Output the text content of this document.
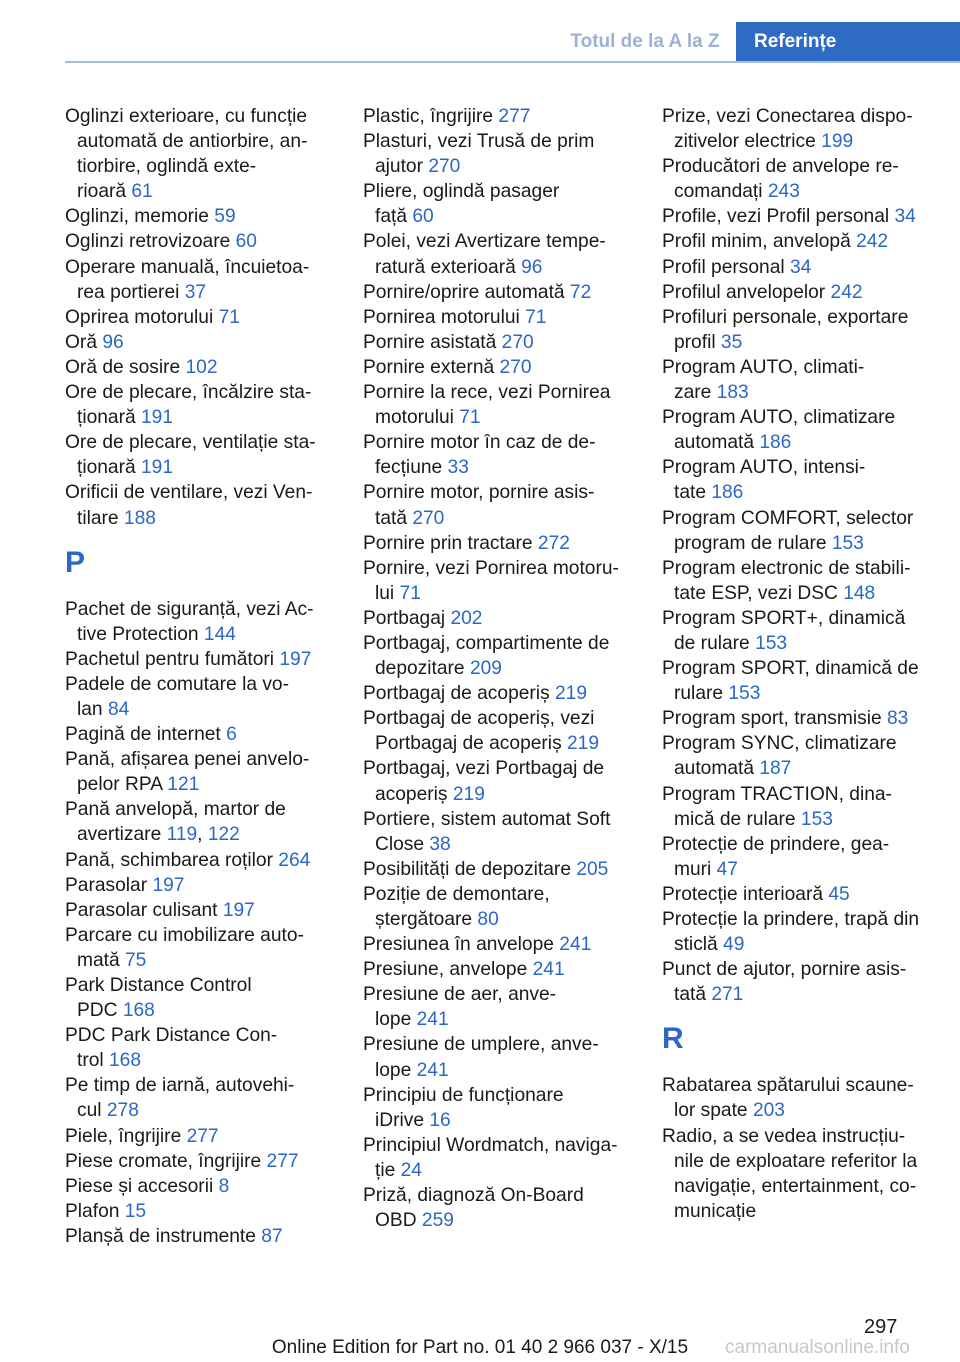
Totul de la A la Z	Referințe
Oglinzi exterioare, cu funcție
automată de antiorbire, an-
tiorbire, oglindă exte-
rioară 61
Oglinzi, memorie 59
Oglinzi retrovizoare 60
Operare manuală, încuietoa-
rea portierei 37
Oprirea motorului 71
Oră 96
Oră de sosire 102
Ore de plecare, încălzire sta-
ționară 191
Ore de plecare, ventilație sta-
ționară 191
Orificii de ventilare, vezi Ven-
tilare 188
P
Pachet de siguranță, vezi Ac-
tive Protection 144
Pachetul pentru fumători 197
Padele de comutare la vo-
lan 84
Pagină de internet 6
Pană, afișarea penei anvelo-
pelor RPA 121
Pană anvelopă, martor de
avertizare 119, 122
Pană, schimbarea roților 264
Parasolar 197
Parasolar culisant 197
Parcare cu imobilizare auto-
mată 75
Park Distance Control
PDC 168
PDC Park Distance Con-
trol 168
Pe timp de iarnă, autovehi-
cul 278
Piele, îngrijire 277
Piese cromate, îngrijire 277
Piese și accesorii 8
Plafon 15
Planșă de instrumente 87
Plastic, îngrijire 277
Plasturi, vezi Trusă de prim
ajutor 270
Pliere, oglindă pasager
față 60
Polei, vezi Avertizare tempe-
ratură exterioară 96
Pornire/oprire automată 72
Pornirea motorului 71
Pornire asistată 270
Pornire externă 270
Pornire la rece, vezi Pornirea
motorului 71
Pornire motor în caz de de-
fecțiune 33
Pornire motor, pornire asis-
tată 270
Pornire prin tractare 272
Pornire, vezi Pornirea motoru-
lui 71
Portbagaj 202
Portbagaj, compartimente de
depozitare 209
Portbagaj de acoperiș 219
Portbagaj de acoperiș, vezi
Portbagaj de acoperiș 219
Portbagaj, vezi Portbagaj de
acoperiș 219
Portiere, sistem automat Soft
Close 38
Posibilități de depozitare 205
Poziție de demontare,
ștergătoare 80
Presiunea în anvelope 241
Presiune, anvelope 241
Presiune de aer, anve-
lope 241
Presiune de umplere, anve-
lope 241
Principiu de funcționare
iDrive 16
Principiul Wordmatch, naviga-
ție 24
Priză, diagnoză On-Board
OBD 259
Prize, vezi Conectarea dispo-
zitivelor electrice 199
Producători de anvelope re-
comandați 243
Profile, vezi Profil personal 34
Profil minim, anvelopă 242
Profil personal 34
Profilul anvelopelor 242
Profiluri personale, exportare
profil 35
Program AUTO, climati-
zare 183
Program AUTO, climatizare
automată 186
Program AUTO, intensi-
tate 186
Program COMFORT, selector
program de rulare 153
Program electronic de stabili-
tate ESP, vezi DSC 148
Program SPORT+, dinamică
de rulare 153
Program SPORT, dinamică de
rulare 153
Program sport, transmisie 83
Program SYNC, climatizare
automată 187
Program TRACTION, dina-
mică de rulare 153
Protecție de prindere, gea-
muri 47
Protecție interioară 45
Protecție la prindere, trapă din
sticlă 49
Punct de ajutor, pornire asis-
tată 271
R
Rabatarea spătarului scaune-
lor spate 203
Radio, a se vedea instrucțiu-
nile de exploatare referitor la
navigație, entertainment, co-
municație
297
Online Edition for Part no. 01 40 2 966 037 - X/15	carmanualsonline.info
